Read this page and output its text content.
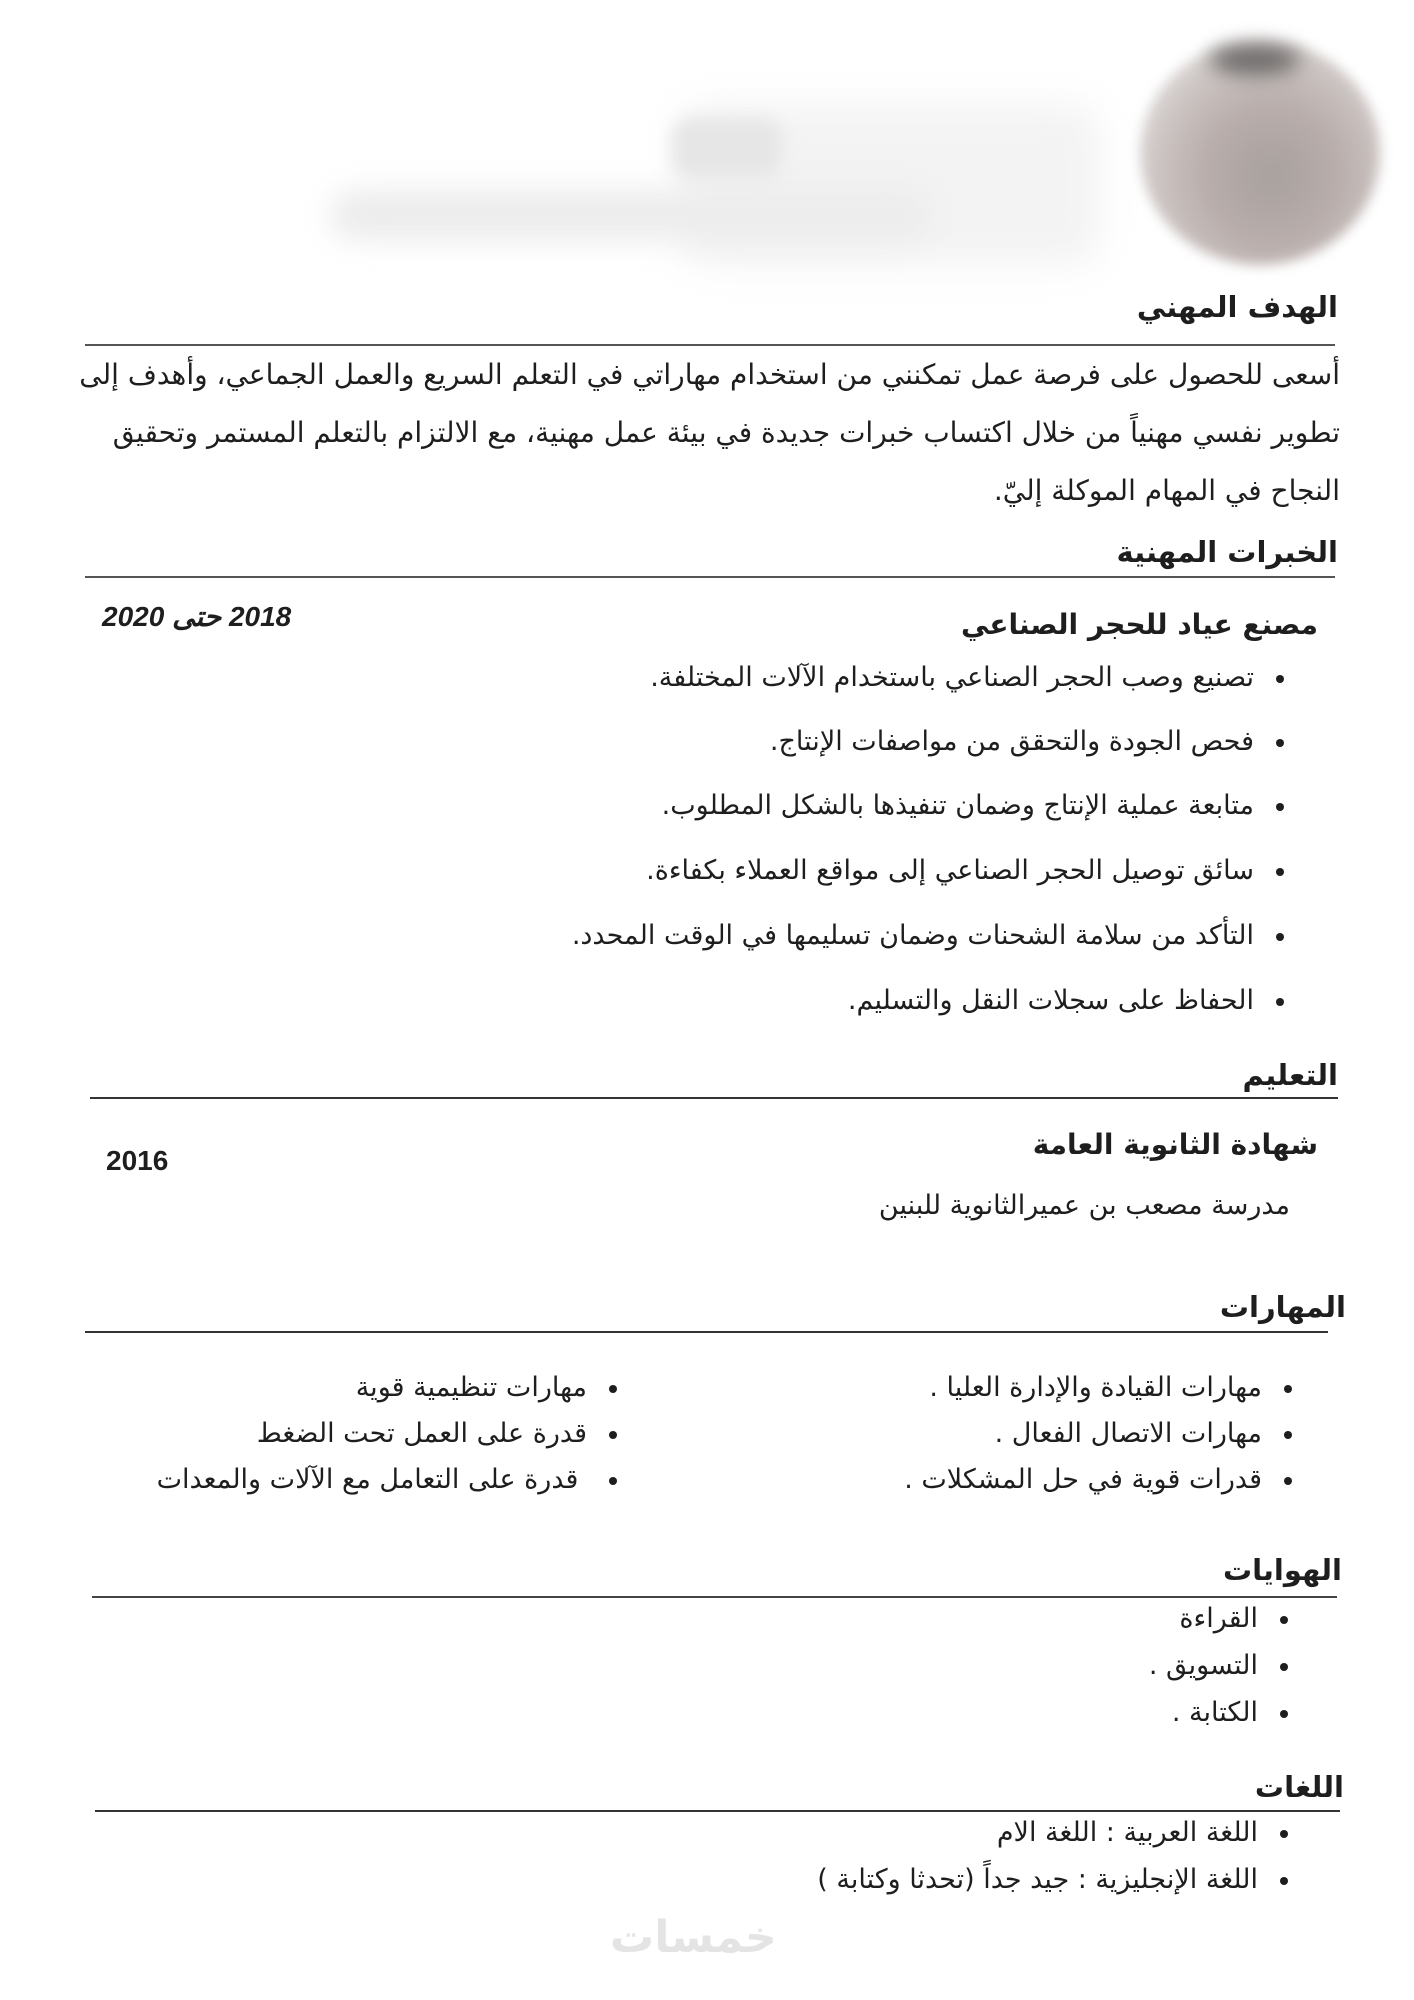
الهدف المهني
أسعى للحصول على فرصة عمل تمكنني من استخدام مهاراتي في التعلم السريع والعمل الجماعي، وأهدف إلى تطوير نفسي مهنياً من خلال اكتساب خبرات جديدة في بيئة عمل مهنية، مع الالتزام بالتعلم المستمر وتحقيق النجاح في المهام الموكلة إليّ.
الخبرات المهنية
مصنع عياد للحجر الصناعي
2018 حتى 2020
تصنيع وصب الحجر الصناعي باستخدام الآلات المختلفة.
فحص الجودة والتحقق من مواصفات الإنتاج.
متابعة عملية الإنتاج وضمان تنفيذها بالشكل المطلوب.
سائق توصيل الحجر الصناعي إلى مواقع العملاء بكفاءة.
التأكد من سلامة الشحنات وضمان تسليمها في الوقت المحدد.
الحفاظ على سجلات النقل والتسليم.
التعليم
شهادة الثانوية العامة
2016
مدرسة مصعب بن عميرالثانوية للبنين
المهارات
مهارات القيادة والإدارة العليا .
مهارات الاتصال الفعال .
قدرات قوية في حل المشكلات .
مهارات تنظيمية قوية
قدرة على العمل تحت الضغط
قدرة على التعامل مع الآلات والمعدات
الهوايات
القراءة
التسويق .
الكتابة .
اللغات
اللغة العربية : اللغة الام
اللغة الإنجليزية : جيد جداً (تحدثا وكتابة )
خمسات
